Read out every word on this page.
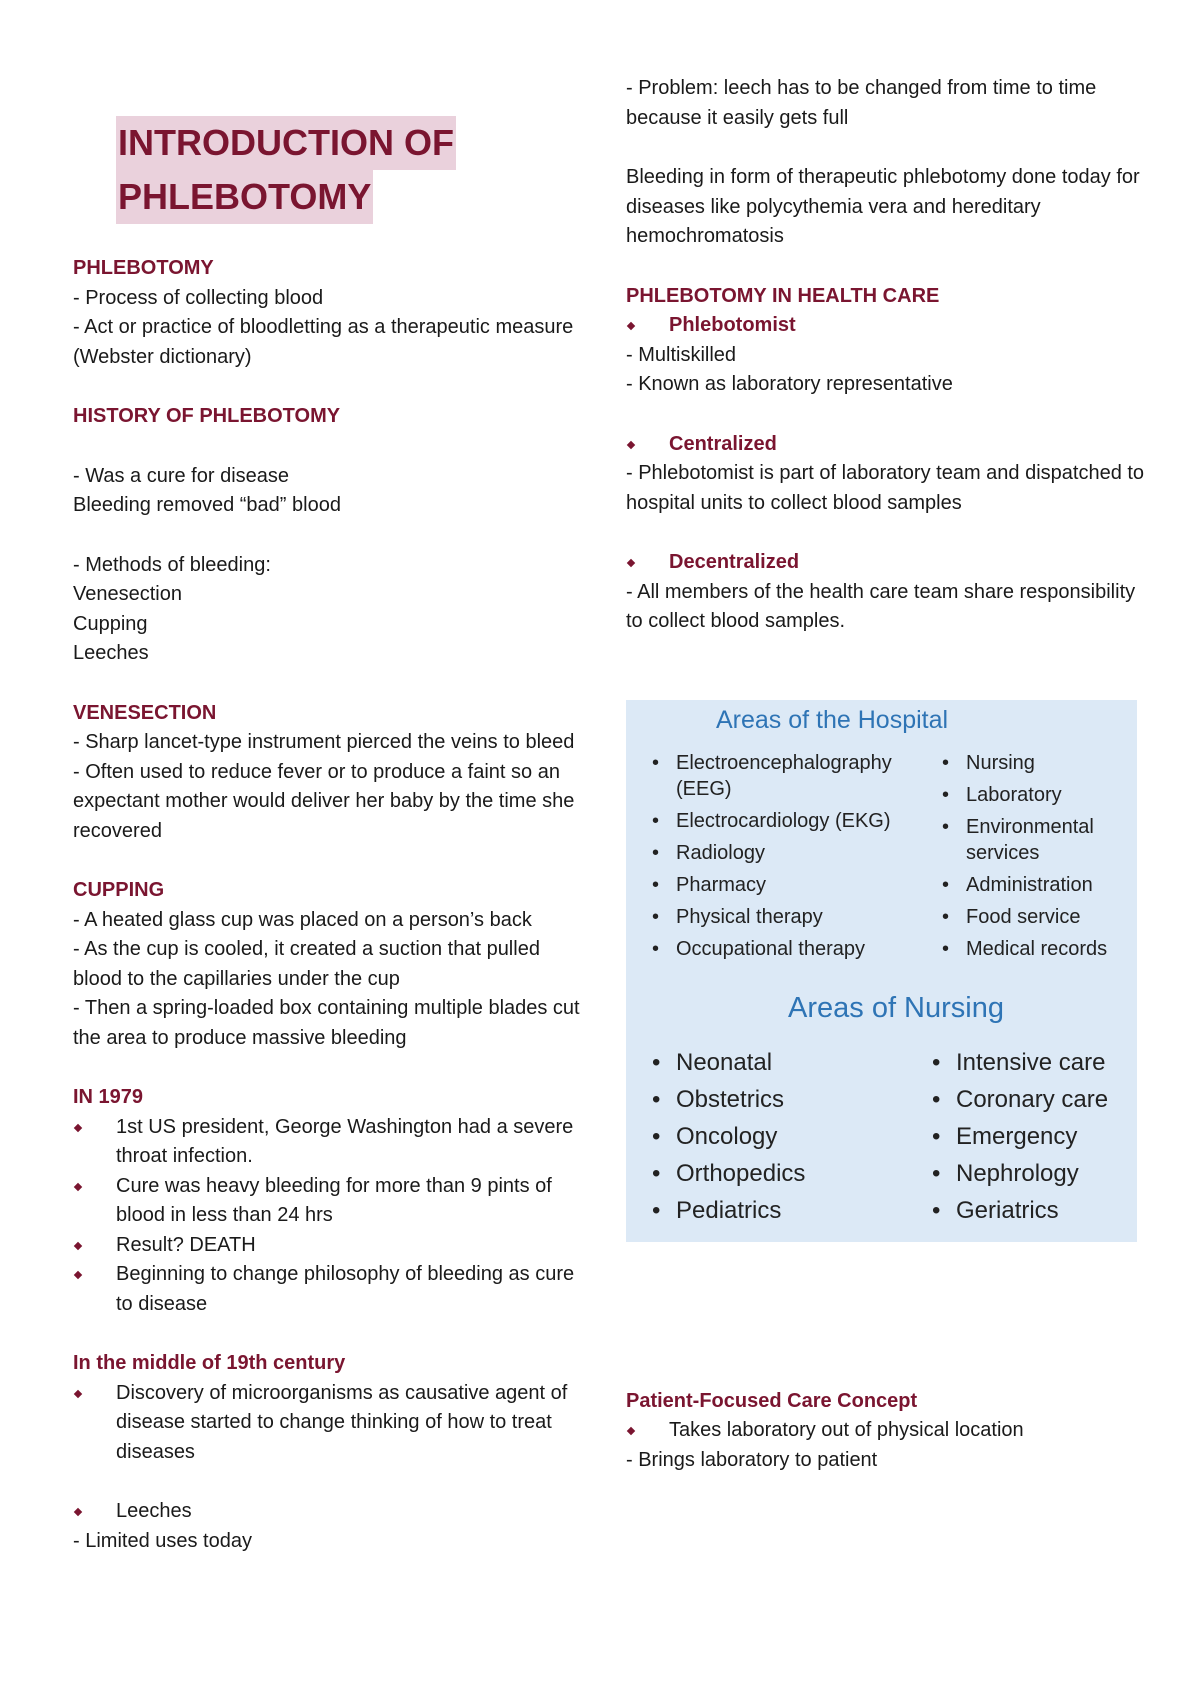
INTRODUCTION OF
PHLEBOTOMY

PHLEBOTOMY

- Process of collecting blood

- Act or practice of bloodletting as a therapeutic measure (Webster dictionary)

HISTORY OF PHLEBOTOMY

- Was a cure for disease

Bleeding removed “bad” blood

- Methods of bleeding:

Venesection

Cupping

Leeches

VENESECTION

- Sharp lancet-type instrument pierced the veins to bleed

- Often used to reduce fever or to produce a faint so an expectant mother would deliver her baby by the time she recovered

CUPPING

- A heated glass cup was placed on a person’s back

- As the cup is cooled, it created a suction that pulled blood to the capillaries under the cup

- Then a spring-loaded box containing multiple blades cut the area to produce massive bleeding

IN 1979

1st US president, George Washington had a severe throat infection.

Cure was heavy bleeding for more than 9 pints of blood in less than 24 hrs

Result? DEATH

Beginning to change philosophy of bleeding as cure to disease

In the middle of 19th century

Discovery of microorganisms as causative agent of disease started to change thinking of how to treat diseases

Leeches

- Limited uses today

- Problem: leech has to be changed from time to time because it easily gets full

Bleeding in form of therapeutic phlebotomy done today for diseases like polycythemia vera and hereditary hemochromatosis

PHLEBOTOMY IN HEALTH CARE

Phlebotomist

- Multiskilled

- Known as laboratory representative

Centralized

- Phlebotomist is part of laboratory team and dispatched to hospital units to collect blood samples

Decentralized

- All members of the health care team share responsibility to collect blood samples.

Patient-Focused Care Concept

Takes laboratory out of physical location

- Brings laboratory to patient

Areas of the Hospital
• Electroencephalography (EEG)
• Electrocardiology (EKG)
• Radiology
• Pharmacy
• Physical therapy
• Occupational therapy
• Nursing
• Laboratory
• Environmental services
• Administration
• Food service
• Medical records
Areas of Nursing
• Neonatal
• Obstetrics
• Oncology
• Orthopedics
• Pediatrics
• Intensive care
• Coronary care
• Emergency
• Nephrology
• Geriatrics
